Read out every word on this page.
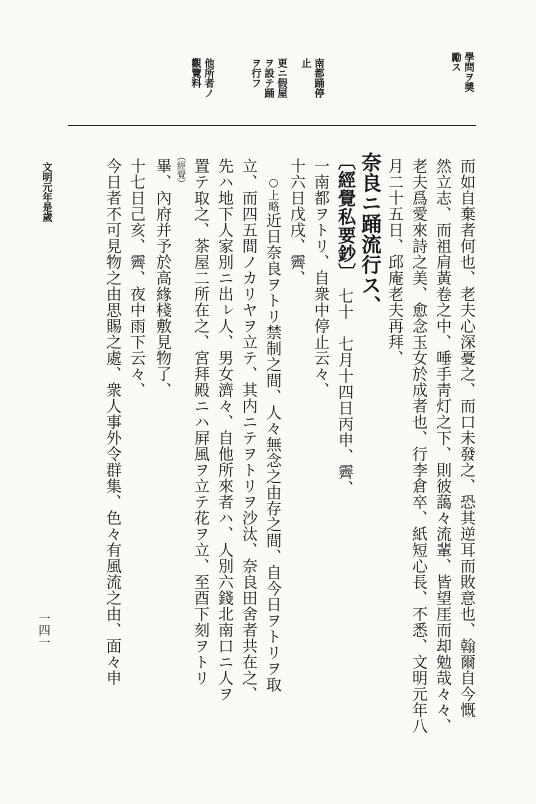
學問ヲ奬
勵ス
南都踊停
止
更ニ假屋
ヲ設テ踊
ヲ行フ
他所者ノ
觀覽料
而如自棄者何也、老夫心深憂之、而口未發之、恐其逆耳而敗意也、翰爾自今慨
然立志、而祖肩黃卷之中、唾手靑灯之下、則彼藹々流輩、皆望厓而却勉哉々々、
老夫爲愛來詩之美、愈念玉女於成者也、行李倉卒、紙短心長、不悉、文明元年八
月二十五日、邱庵老夫再拜、
奈良ニ踊流行ス、
〔經覺私要鈔〕七十　七月十四日丙申、霽、
一南都ヲトリ、自衆中停止云々、
十六日戊戌、霽、
○上略近日奈良ヲトリ禁制之間、人々無念之由存之間、自今日ヲトリヲ取
立、而四五間ノカリヤヲ立テ、其内ニテヲトリヲ沙汰、奈良田舍者共在之、
先ハ地下人家別ニ出ㇾ人、男女濟々、自他所來者ハ、人別六錢北南口ニ人ヲ
置テ取之、茶屋二所在之、宮拜殿ニハ屛風ヲ立テ花ヲ立、至酉下刻ヲトリ
（經覺）
畢、內府并予於高緣棧敷見物了、
十七日己亥、霽、夜中雨下云々、
今日者不可見物之由思賜之處、衆人事外令群集、色々有風流之由、面々申
文明元年是歲
一四一
